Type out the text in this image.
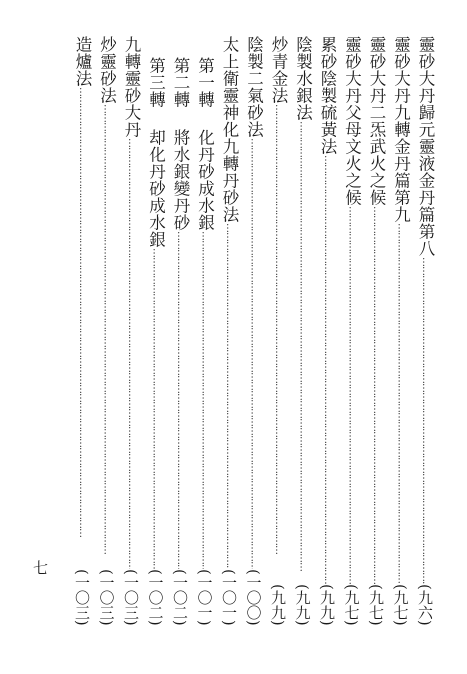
靈砂大丹歸元靈液金丹篇第八
……………………………………………………………………………………………………………………………………
(九六)
靈砂大丹九轉金丹篇第九
……………………………………………………………………………………………………………………………………
(九七)
靈砂大丹二炁武火之候
……………………………………………………………………………………………………………………………………
(九七)
靈砂大丹父母文火之候
……………………………………………………………………………………………………………………………………
(九七)
累砂陰製硫黃法
……………………………………………………………………………………………………………………………………
(九九)
陰製水銀法
……………………………………………………………………………………………………………………………………
(九九)
炒青金法
……………………………………………………………………………………………………………………………………
(九九)
陰製二氣砂法
……………………………………………………………………………………………………………………………………
(一〇〇)
太上衛靈神化九轉丹砂法
……………………………………………………………………………………………………………………………………
(一〇一)
第一轉化丹砂成水銀
……………………………………………………………………………………………………………………………………
(一〇一)
第二轉將水銀變丹砂
……………………………………………………………………………………………………………………………………
(一〇二)
第三轉却化丹砂成水銀
……………………………………………………………………………………………………………………………………
(一〇二)
九轉靈砂大丹
……………………………………………………………………………………………………………………………………
(一〇三)
炒靈砂法
……………………………………………………………………………………………………………………………………
(一〇三)
造爐法
……………………………………………………………………………………………………………………………………
(一〇三)
七
